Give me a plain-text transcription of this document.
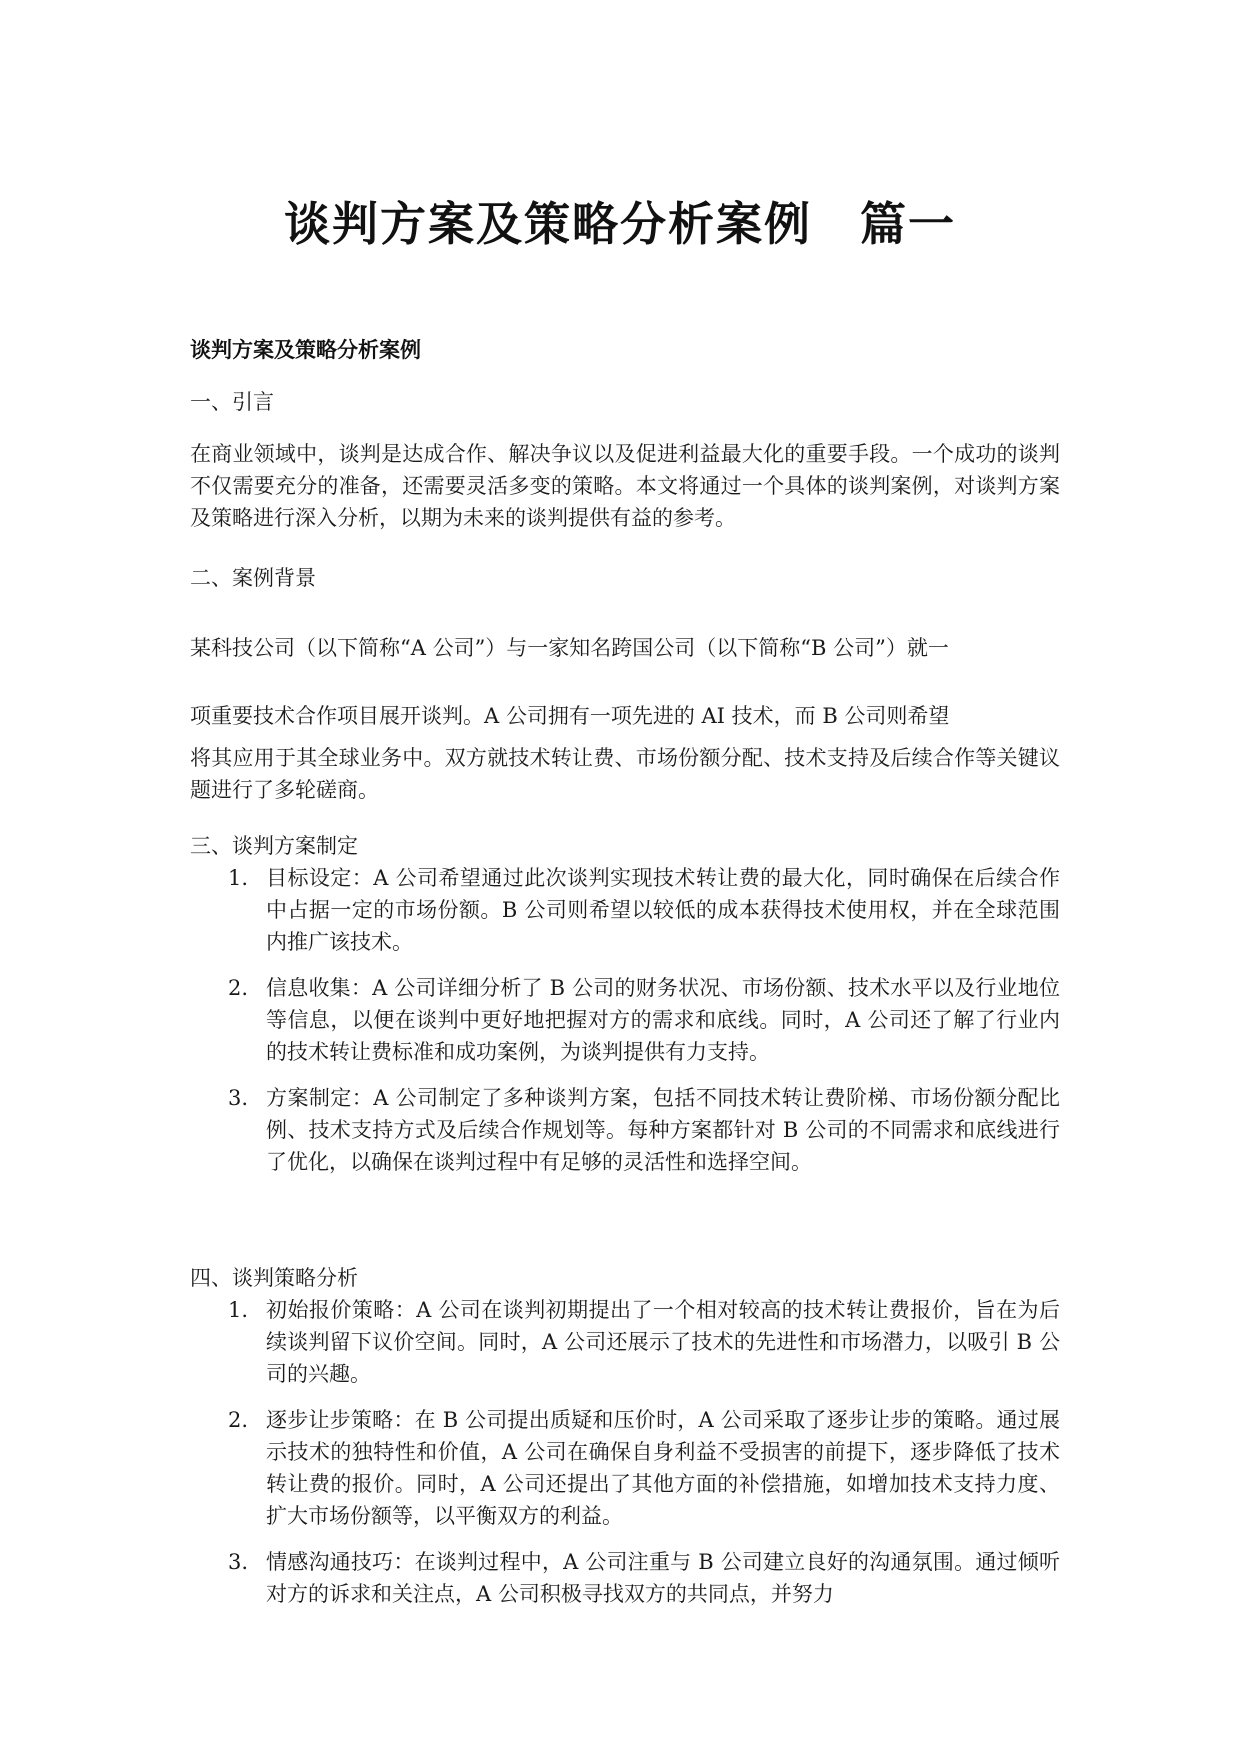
谈判方案及策略分析案例　篇一
谈判方案及策略分析案例
一、引言
在商业领域中，谈判是达成合作、解决争议以及促进利益最大化的重要手段。一个成功的谈判不仅需要充分的准备，还需要灵活多变的策略。本文将通过一个具体的谈判案例，对谈判方案及策略进行深入分析，以期为未来的谈判提供有益的参考。
二、案例背景
某科技公司（以下简称“A 公司”）与一家知名跨国公司（以下简称“B 公司”）就一
项重要技术合作项目展开谈判。A 公司拥有一项先进的 AI 技术，而 B 公司则希望
将其应用于其全球业务中。双方就技术转让费、市场份额分配、技术支持及后续合作等关键议题进行了多轮磋商。
三、谈判方案制定
1. 目标设定：A 公司希望通过此次谈判实现技术转让费的最大化，同时确保在后续合作中占据一定的市场份额。B 公司则希望以较低的成本获得技术使用权，并在全球范围内推广该技术。
2. 信息收集：A 公司详细分析了 B 公司的财务状况、市场份额、技术水平以及行业地位等信息，以便在谈判中更好地把握对方的需求和底线。同时，A 公司还了解了行业内的技术转让费标准和成功案例，为谈判提供有力支持。
3. 方案制定：A 公司制定了多种谈判方案，包括不同技术转让费阶梯、市场份额分配比例、技术支持方式及后续合作规划等。每种方案都针对 B 公司的不同需求和底线进行了优化，以确保在谈判过程中有足够的灵活性和选择空间。
四、谈判策略分析
1. 初始报价策略：A 公司在谈判初期提出了一个相对较高的技术转让费报价，旨在为后续谈判留下议价空间。同时，A 公司还展示了技术的先进性和市场潜力，以吸引 B 公司的兴趣。
2. 逐步让步策略：在 B 公司提出质疑和压价时，A 公司采取了逐步让步的策略。通过展示技术的独特性和价值，A 公司在确保自身利益不受损害的前提下，逐步降低了技术转让费的报价。同时，A 公司还提出了其他方面的补偿措施，如增加技术支持力度、扩大市场份额等，以平衡双方的利益。
3. 情感沟通技巧：在谈判过程中，A 公司注重与 B 公司建立良好的沟通氛围。通过倾听对方的诉求和关注点，A 公司积极寻找双方的共同点，并努力
